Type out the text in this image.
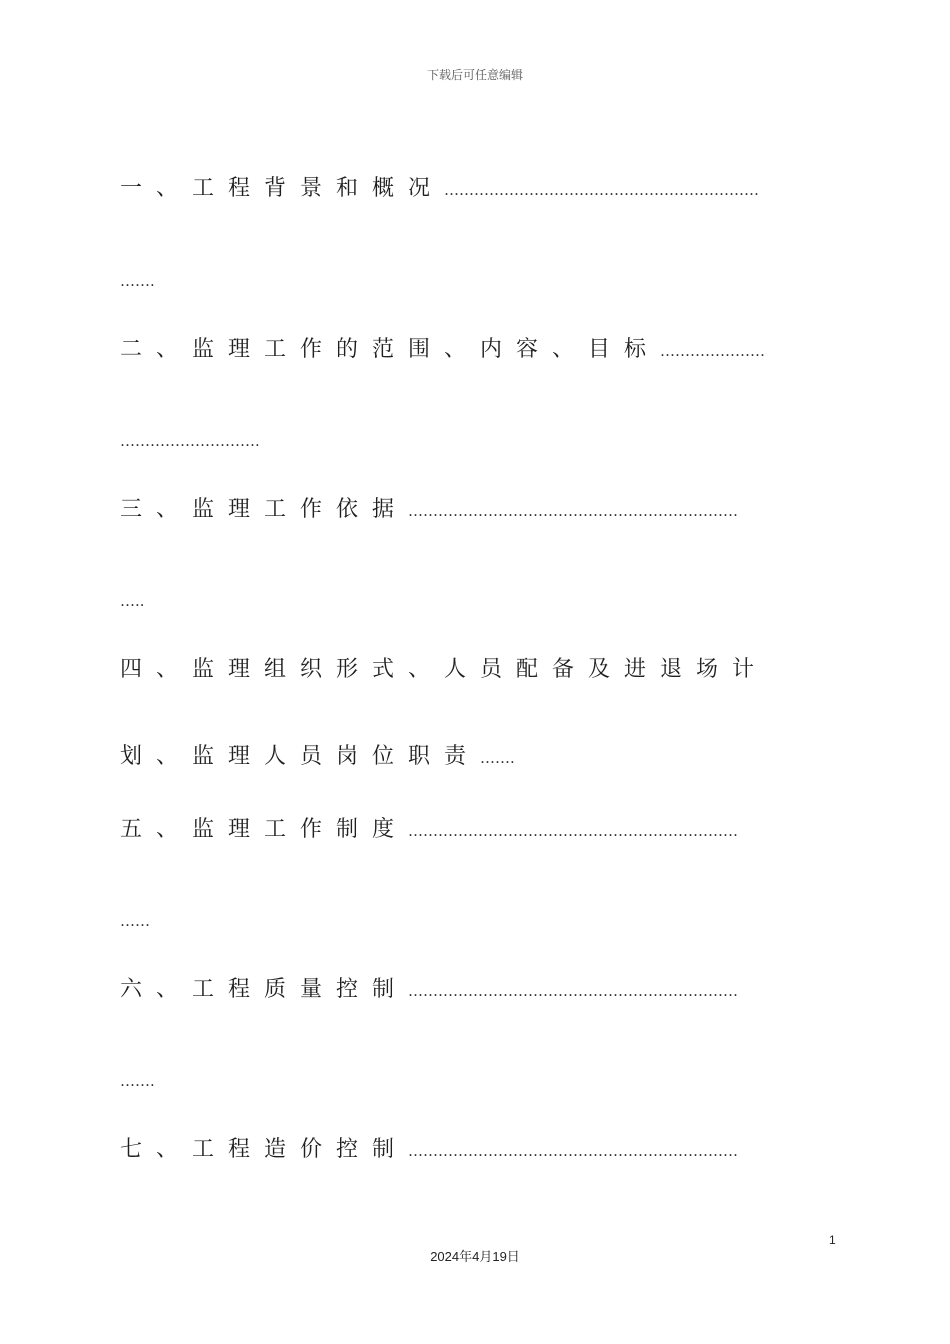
下载后可任意编辑
一、工程背景和概况………………………………………………………
…….
二、监理工作的范围、内容、目标…………………
……………………….
三、监理工作依据…………………………………………………………
…..
四、监理组织形式、人员配备及进退场计
划、监理人员岗位职责…….
五、监理工作制度…………………………………………………………
……
六、工程质量控制…………………………………………………………
…….
七、工程造价控制…………………………………………………………
1
2024年4月19日
